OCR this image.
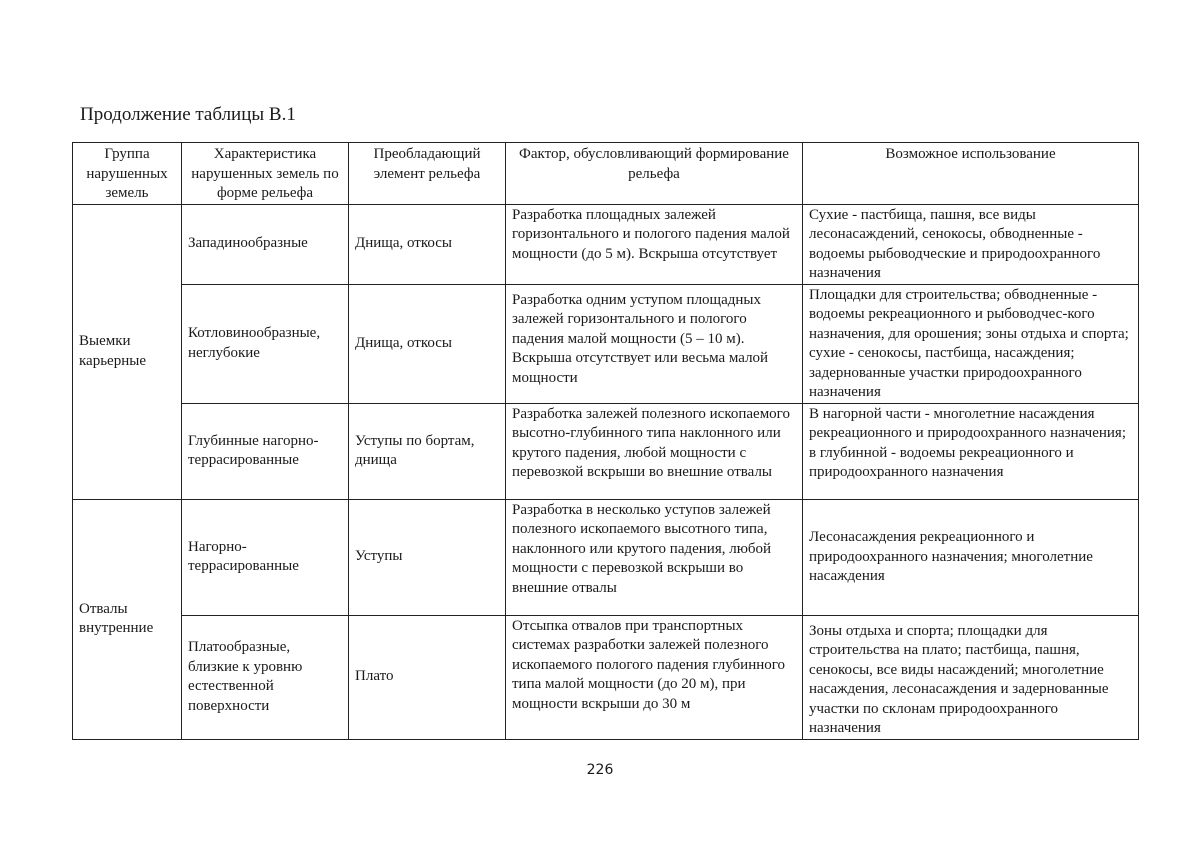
Продолжение таблицы В.1
Группа нарушенных земель	Характеристика нарушенных земель по форме рельефа	Преобладающий элемент рельефа	Фактор, обусловливающий формирование рельефа	Возможное использование
Выемки карьерные	Западинообразные	Днища, откосы	Разработка площадных залежей горизонтального и пологого падения малой мощности (до 5 м). Вскрыша отсутствует	Сухие - пастбища, пашня, все виды лесонасаждений, сенокосы, обводненные - водоемы рыбоводческие и природоохранного назначения
	Котловинообразные, неглубокие	Днища, откосы	Разработка одним уступом площадных залежей горизонтального и пологого падения малой мощности (5 – 10 м). Вскрыша отсутствует или весьма малой мощности	Площадки для строительства; обводненные - водоемы рекреационного и рыбоводчес-кого назначения, для орошения; зоны отдыха и спорта; сухие - сенокосы, пастбища, насаждения; задернованные участки природоохранного назначения
	Глубинные нагорно-террасированные	Уступы по бортам, днища	Разработка залежей полезного ископаемого высотно-глубинного типа наклонного или крутого падения, любой мощности с перевозкой вскрыши во внешние отвалы	В нагорной части - многолетние насаждения рекреационного и природоохранного назначения; в глубинной - водоемы рекреационного и природоохранного назначения
Отвалы внутренние	Нагорно-террасированные	Уступы	Разработка в несколько уступов залежей полезного ископаемого высотного типа, наклонного или крутого падения, любой мощности с перевозкой вскрыши во внешние отвалы	Лесонасаждения рекреационного и природоохранного назначения; многолетние насаждения
	Платообразные, близкие к уровню естественной поверхности	Плато	Отсыпка отвалов при транспортных системах разработки залежей полезного ископаемого пологого падения глубинного типа малой мощности (до 20 м), при мощности вскрыши до 30 м	Зоны отдыха и спорта; площадки для строительства на плато; пастбища, пашня, сенокосы, все виды насаждений; многолетние насаждения, лесонасаждения и задернованные участки по склонам природоохранного назначения
226
